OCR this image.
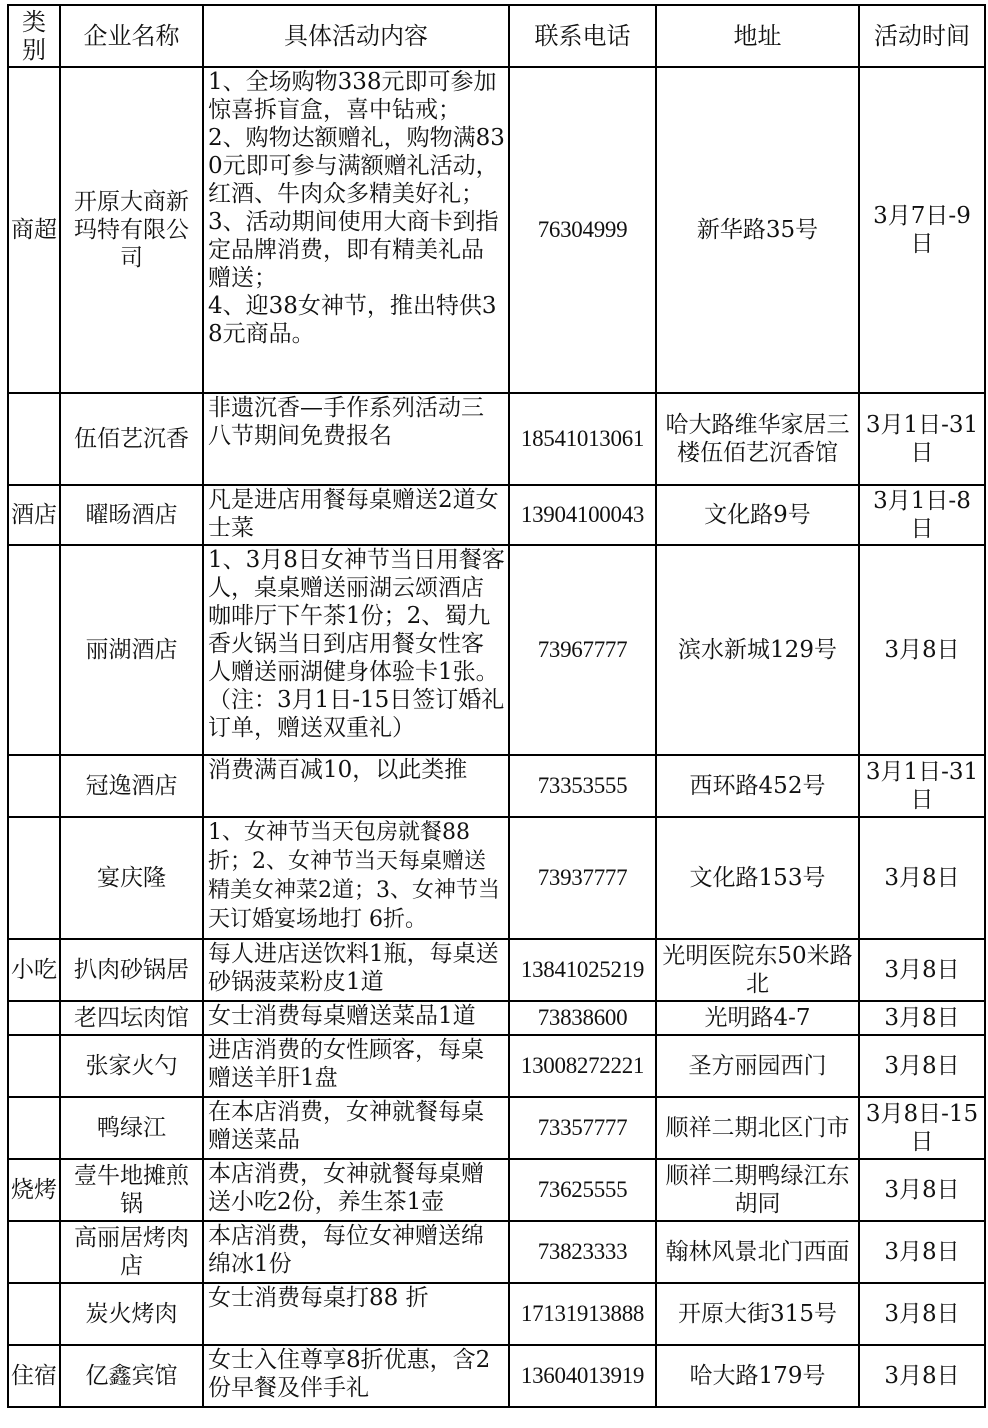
类别	企业名称	具体活动内容	联系电话	地址	活动时间
商超	开原大商新玛特有限公司	1、全场购物338元即可参加惊喜拆盲盒，喜中钻戒；
2、购物达额赠礼，购物满830元即可参与满额赠礼活动，红酒、牛肉众多精美好礼；
3、活动期间使用大商卡到指定品牌消费，即有精美礼品赠送；
4、迎38女神节，推出特供38元商品。	76304999	新华路35号	3月7日-9日
	伍佰艺沉香	非遗沉香—手作系列活动三八节期间免费报名	18541013061	哈大路维华家居三楼伍佰艺沉香馆	3月1日-31日
酒店	曜旸酒店	凡是进店用餐每桌赠送2道女士菜	13904100043	文化路9号	3月1日-8日
	丽湖酒店	1、3月8日女神节当日用餐客人，桌桌赠送丽湖云颂酒店咖啡厅下午茶1份；2、蜀九香火锅当日到店用餐女性客人赠送丽湖健身体验卡1张。（注：3月1日-15日签订婚礼订单，赠送双重礼）	73967777	滨水新城129号	3月8日
	冠逸酒店	消费满百减10，以此类推	73353555	西环路452号	3月1日-31日
	宴庆隆	1、女神节当天包房就餐88折；2、女神节当天每桌赠送精美女神菜2道；3、女神节当天订婚宴场地打 6折。	73937777	文化路153号	3月8日
小吃	扒肉砂锅居	每人进店送饮料1瓶，每桌送砂锅菠菜粉皮1道	13841025219	光明医院东50米路北	3月8日
	老四坛肉馆	女士消费每桌赠送菜品1道	73838600	光明路4-7	3月8日
	张家火勺	进店消费的女性顾客，每桌赠送羊肝1盘	13008272221	圣方丽园西门	3月8日
	鸭绿江	在本店消费，女神就餐每桌赠送菜品	73357777	顺祥二期北区门市	3月8日-15日
烧烤	壹牛地摊煎锅	本店消费，女神就餐每桌赠送小吃2份，养生茶1壶	73625555	顺祥二期鸭绿江东胡同	3月8日
	高丽居烤肉店	本店消费，每位女神赠送绵绵冰1份	73823333	翰林风景北门西面	3月8日
	炭火烤肉	女士消费每桌打88 折	17131913888	开原大街315号	3月8日
住宿	亿鑫宾馆	女士入住尊享8折优惠，含2份早餐及伴手礼	13604013919	哈大路179号	3月8日
